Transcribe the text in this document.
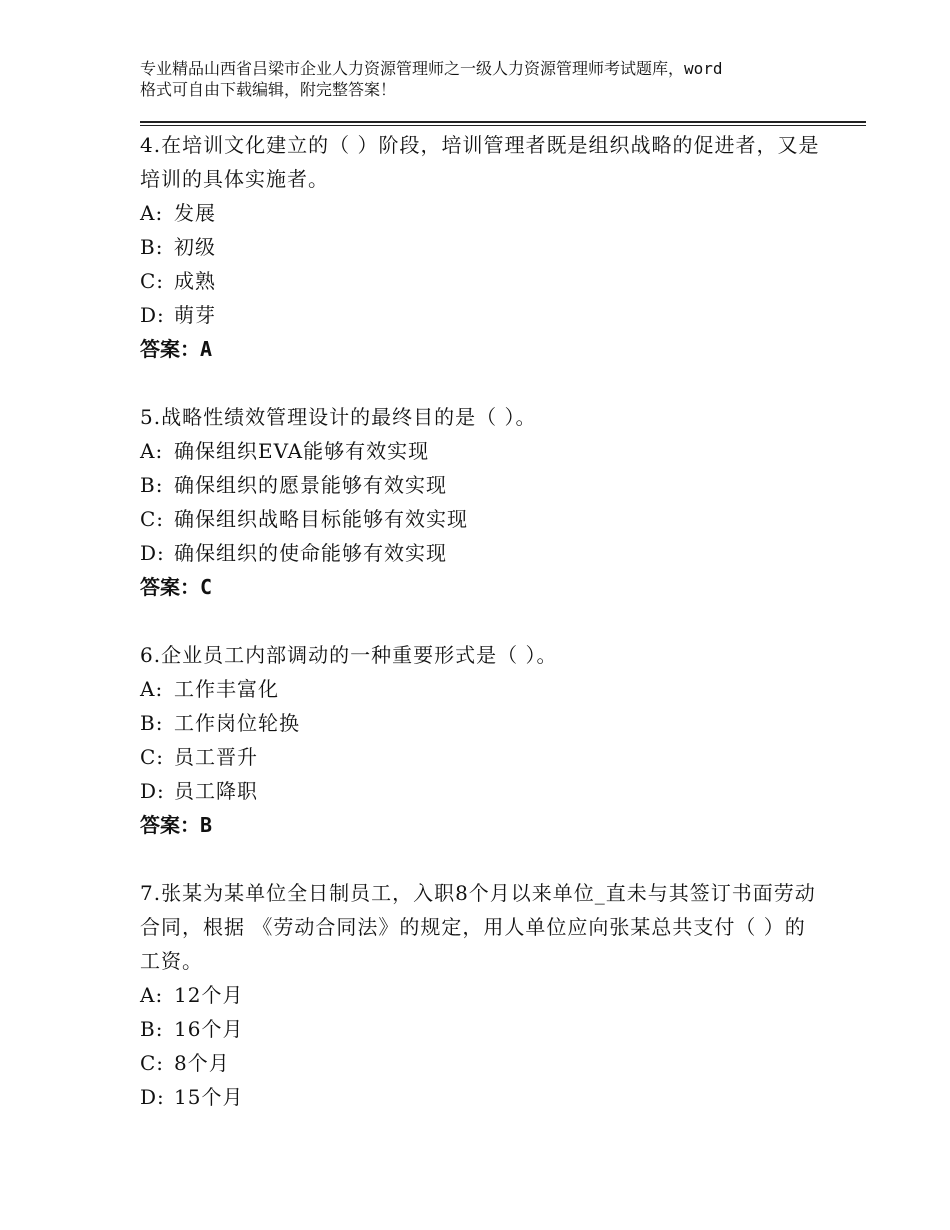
专业精品山西省吕梁市企业人力资源管理师之一级人力资源管理师考试题库，word
格式可自由下载编辑，附完整答案！
4.在培训文化建立的（ ）阶段，培训管理者既是组织战略的促进者，又是培训的具体实施者。
A: 发展
B: 初级
C: 成熟
D: 萌芽
答案：A
5.战略性绩效管理设计的最终目的是（ ）。
A: 确保组织EVA能够有效实现
B: 确保组织的愿景能够有效实现
C: 确保组织战略目标能够有效实现
D: 确保组织的使命能够有效实现
答案：C
6.企业员工内部调动的一种重要形式是（ ）。
A: 工作丰富化
B: 工作岗位轮换
C: 员工晋升
D: 员工降职
答案：B
7.张某为某单位全日制员工，入职8个月以来单位_直未与其签订书面劳动合同，根据 《劳动合同法》的规定，用人单位应向张某总共支付（ ）的工资。
A: 12个月
B: 16个月
C: 8个月
D: 15个月
